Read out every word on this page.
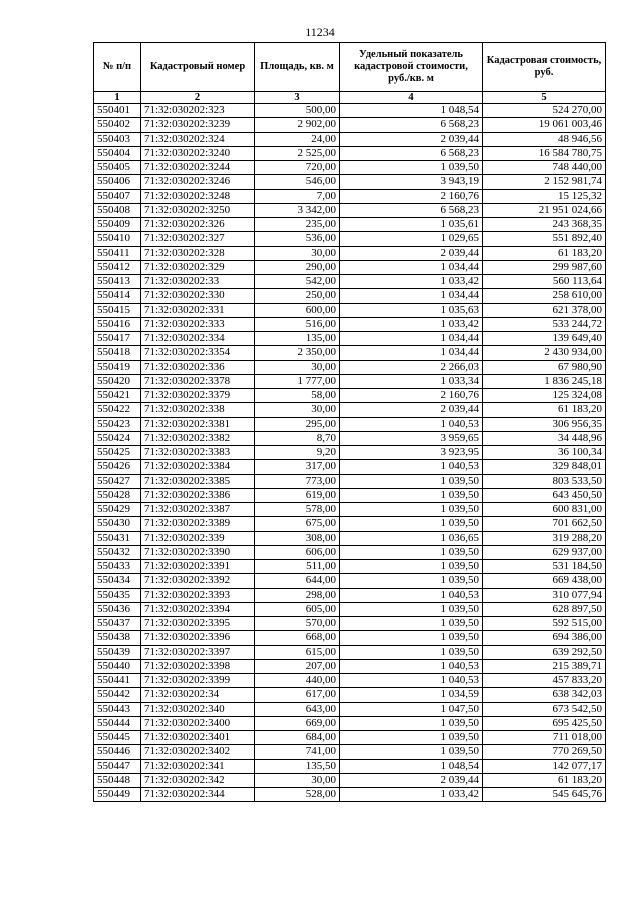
11234
№ п/п	Кадастровый номер	Площадь, кв. м	Удельный показатель кадастровой стоимости, руб./кв. м	Кадастровая стоимость, руб.
1	2	3	4	5
550401	71:32:030202:323	500,00	1 048,54	524 270,00
550402	71:32:030202:3239	2 902,00	6 568,23	19 061 003,46
550403	71:32:030202:324	24,00	2 039,44	48 946,56
550404	71:32:030202:3240	2 525,00	6 568,23	16 584 780,75
550405	71:32:030202:3244	720,00	1 039,50	748 440,00
550406	71:32:030202:3246	546,00	3 943,19	2 152 981,74
550407	71:32:030202:3248	7,00	2 160,76	15 125,32
550408	71:32:030202:3250	3 342,00	6 568,23	21 951 024,66
550409	71:32:030202:326	235,00	1 035,61	243 368,35
550410	71:32:030202:327	536,00	1 029,65	551 892,40
550411	71:32:030202:328	30,00	2 039,44	61 183,20
550412	71:32:030202:329	290,00	1 034,44	299 987,60
550413	71:32:030202:33	542,00	1 033,42	560 113,64
550414	71:32:030202:330	250,00	1 034,44	258 610,00
550415	71:32:030202:331	600,00	1 035,63	621 378,00
550416	71:32:030202:333	516,00	1 033,42	533 244,72
550417	71:32:030202:334	135,00	1 034,44	139 649,40
550418	71:32:030202:3354	2 350,00	1 034,44	2 430 934,00
550419	71:32:030202:336	30,00	2 266,03	67 980,90
550420	71:32:030202:3378	1 777,00	1 033,34	1 836 245,18
550421	71:32:030202:3379	58,00	2 160,76	125 324,08
550422	71:32:030202:338	30,00	2 039,44	61 183,20
550423	71:32:030202:3381	295,00	1 040,53	306 956,35
550424	71:32:030202:3382	8,70	3 959,65	34 448,96
550425	71:32:030202:3383	9,20	3 923,95	36 100,34
550426	71:32:030202:3384	317,00	1 040,53	329 848,01
550427	71:32:030202:3385	773,00	1 039,50	803 533,50
550428	71:32:030202:3386	619,00	1 039,50	643 450,50
550429	71:32:030202:3387	578,00	1 039,50	600 831,00
550430	71:32:030202:3389	675,00	1 039,50	701 662,50
550431	71:32:030202:339	308,00	1 036,65	319 288,20
550432	71:32:030202:3390	606,00	1 039,50	629 937,00
550433	71:32:030202:3391	511,00	1 039,50	531 184,50
550434	71:32:030202:3392	644,00	1 039,50	669 438,00
550435	71:32:030202:3393	298,00	1 040,53	310 077,94
550436	71:32:030202:3394	605,00	1 039,50	628 897,50
550437	71:32:030202:3395	570,00	1 039,50	592 515,00
550438	71:32:030202:3396	668,00	1 039,50	694 386,00
550439	71:32:030202:3397	615,00	1 039,50	639 292,50
550440	71:32:030202:3398	207,00	1 040,53	215 389,71
550441	71:32:030202:3399	440,00	1 040,53	457 833,20
550442	71:32:030202:34	617,00	1 034,59	638 342,03
550443	71:32:030202:340	643,00	1 047,50	673 542,50
550444	71:32:030202:3400	669,00	1 039,50	695 425,50
550445	71:32:030202:3401	684,00	1 039,50	711 018,00
550446	71:32:030202:3402	741,00	1 039,50	770 269,50
550447	71:32:030202:341	135,50	1 048,54	142 077,17
550448	71:32:030202:342	30,00	2 039,44	61 183,20
550449	71:32:030202:344	528,00	1 033,42	545 645,76
